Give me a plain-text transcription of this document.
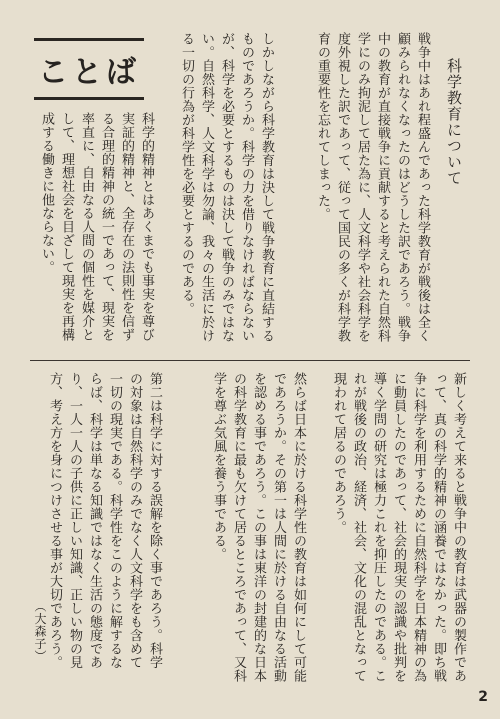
ことば	科学教育について
戦争中はあれ程盛んであった科学教育が戦後は全く顧みられなくなったのはどうした訳であろう。戦争中の教育が直接戦争に貢献すると考えられた自然科学にのみ拘泥して居た為に、人文科学や社会科学を度外視した訳であって、従って国民の多くが科学教育の重要性を忘れてしまった。
しかしながら科学教育は決して戦争教育に直結するものであろうか。科学の力を借りなければならないが、科学を必要とするものは決して戦争のみではない。自然科学、人文科学は勿論、我々の生活に於ける一切の行為が科学性を必要とするのである。
科学的精神とはあくまでも事実を尊び実証的精神と、全存在の法則性を信ずる合理的精神の統一であって、現実を率直に、自由なる人間の個性を媒介として、理想社会を目ざして現実を再構成する働きに他ならない。
新しく考えて来ると戦争中の教育は武器の製作であって、真の科学的精神の涵養ではなかった。即ち戦争に科学を利用するために自然科学を日本精神の為に動員したのであって、社会的現実の認識や批判を導く学問の研究は極力これを抑圧したのである。これが戦後の政治、経済、社会、文化の混乱となって現われて居るのであろう。
然らば日本に於ける科学性の教育は如何にして可能であろうか。その第一は人間に於ける自由なる活動を認める事であろう。この事は東洋の封建的な日本の科学教育に最も欠けて居るところであって、又科学を尊ぶ気風を養う事である。
第二は科学に対する誤解を除く事であろう。科学の対象は自然科学のみでなく人文科学をも含めて一切の現実である。科学性をこのように解するならば、科学は単なる知識ではなく生活の態度であり、一人一人の子供に正しい知識、正しい物の見方、考え方を身につけさせる事が大切であろう。
（大森子）
2
